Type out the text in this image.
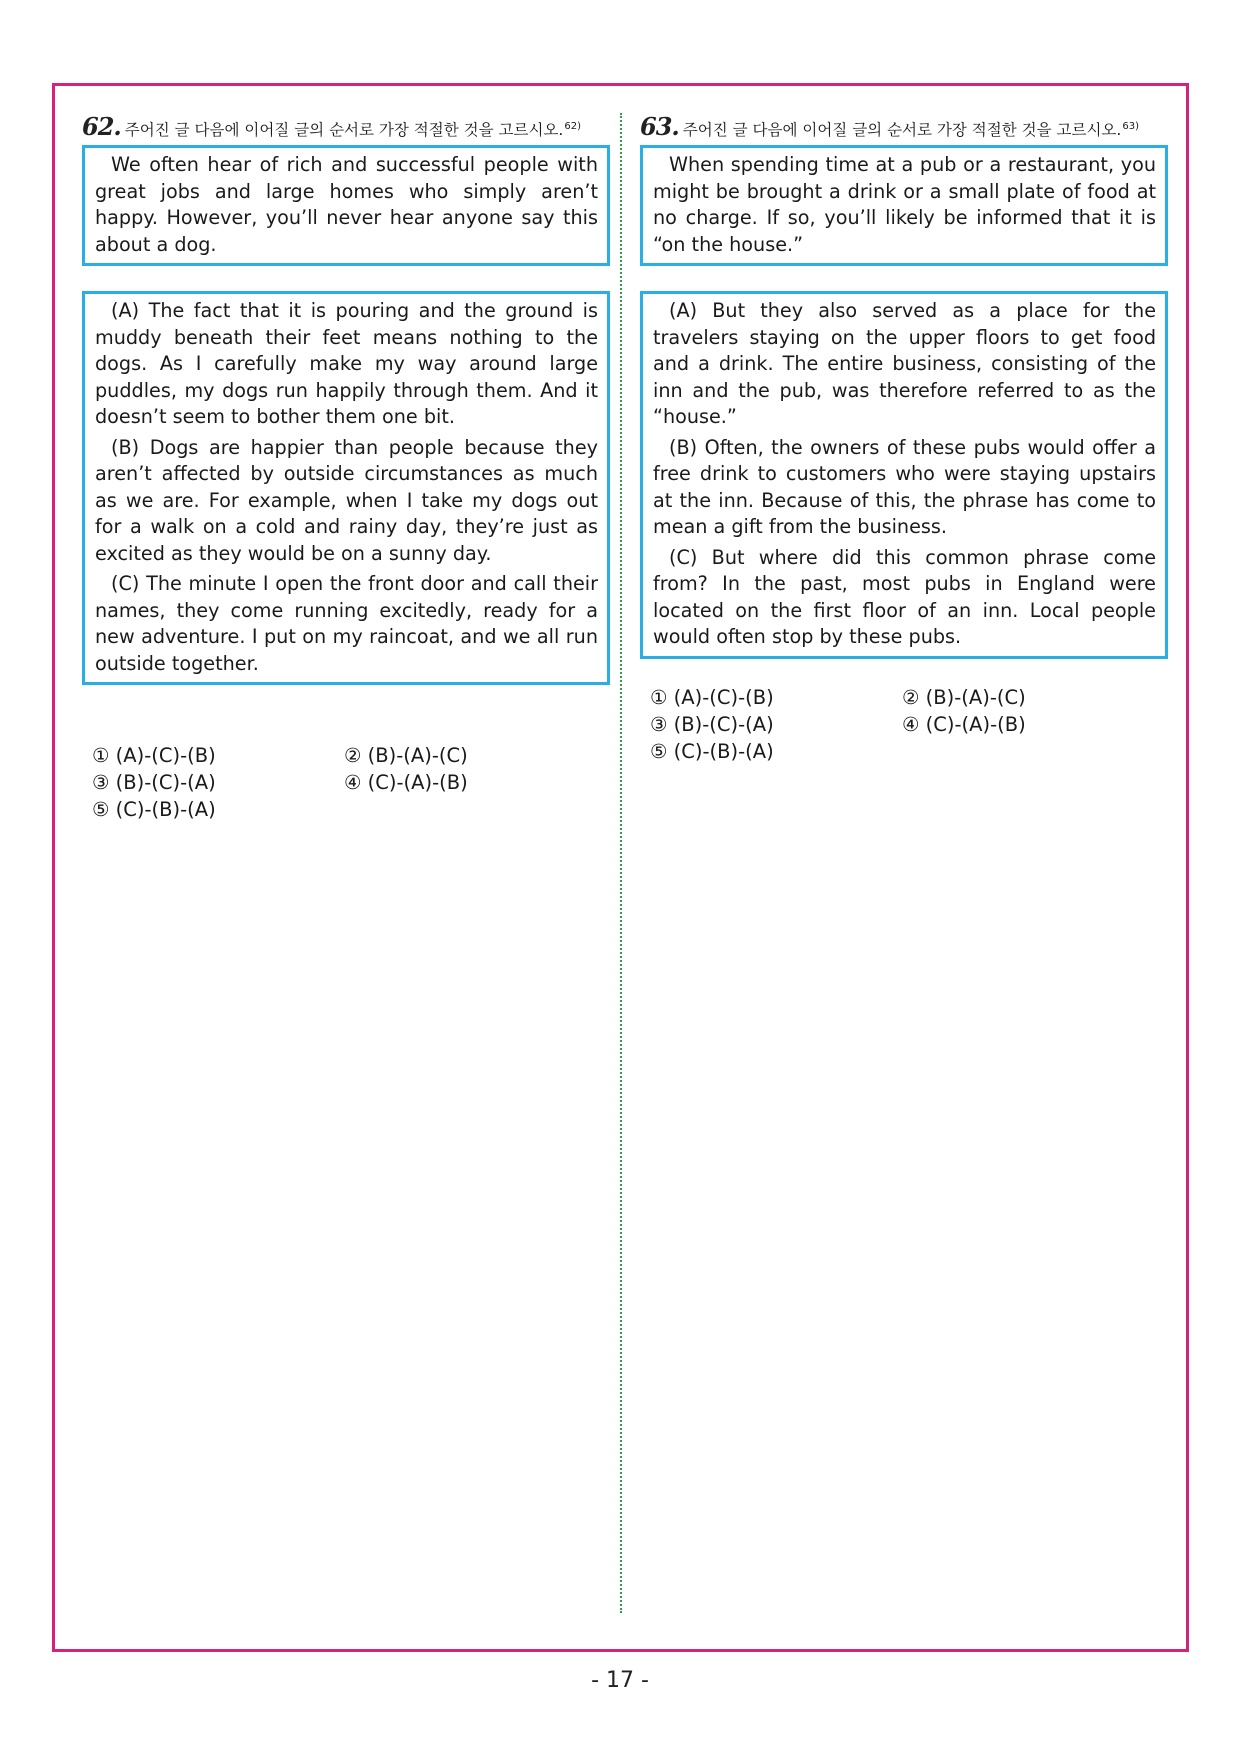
62. 주어진 글 다음에 이어질 글의 순서로 가장 적절한 것을 고르시오.$^{62)}$

We often hear of rich and successful people with great jobs and large homes who simply aren’t happy. However, you’ll never hear anyone say this about a dog.

(A) The fact that it is pouring and the ground is muddy beneath their feet means nothing to the dogs. As I carefully make my way around large puddles, my dogs run happily through them. And it doesn’t seem to bother them one bit.

(B) Dogs are happier than people because they aren’t affected by outside circumstances as much as we are. For example, when I take my dogs out for a walk on a cold and rainy day, they’re just as excited as they would be on a sunny day.

(C) The minute I open the front door and call their names, they come running excitedly, ready for a new adventure. I put on my raincoat, and we all run outside together.

① (A)-(C)-(B)	② (B)-(A)-(C)
③ (B)-(C)-(A)	④ (C)-(A)-(B)
⑤ (C)-(B)-(A)
63. 주어진 글 다음에 이어질 글의 순서로 가장 적절한 것을 고르시오.$^{63)}$

When spending time at a pub or a restaurant, you might be brought a drink or a small plate of food at no charge. If so, you’ll likely be informed that it is “on the house.”

(A) But they also served as a place for the travelers staying on the upper floors to get food and a drink. The entire business, consisting of the inn and the pub, was therefore referred to as the “house.”

(B) Often, the owners of these pubs would offer a free drink to customers who were staying upstairs at the inn. Because of this, the phrase has come to mean a gift from the business.

(C) But where did this common phrase come from? In the past, most pubs in England were located on the first floor of an inn. Local people would often stop by these pubs.

① (A)-(C)-(B)	② (B)-(A)-(C)
③ (B)-(C)-(A)	④ (C)-(A)-(B)
⑤ (C)-(B)-(A)
- 17 -
